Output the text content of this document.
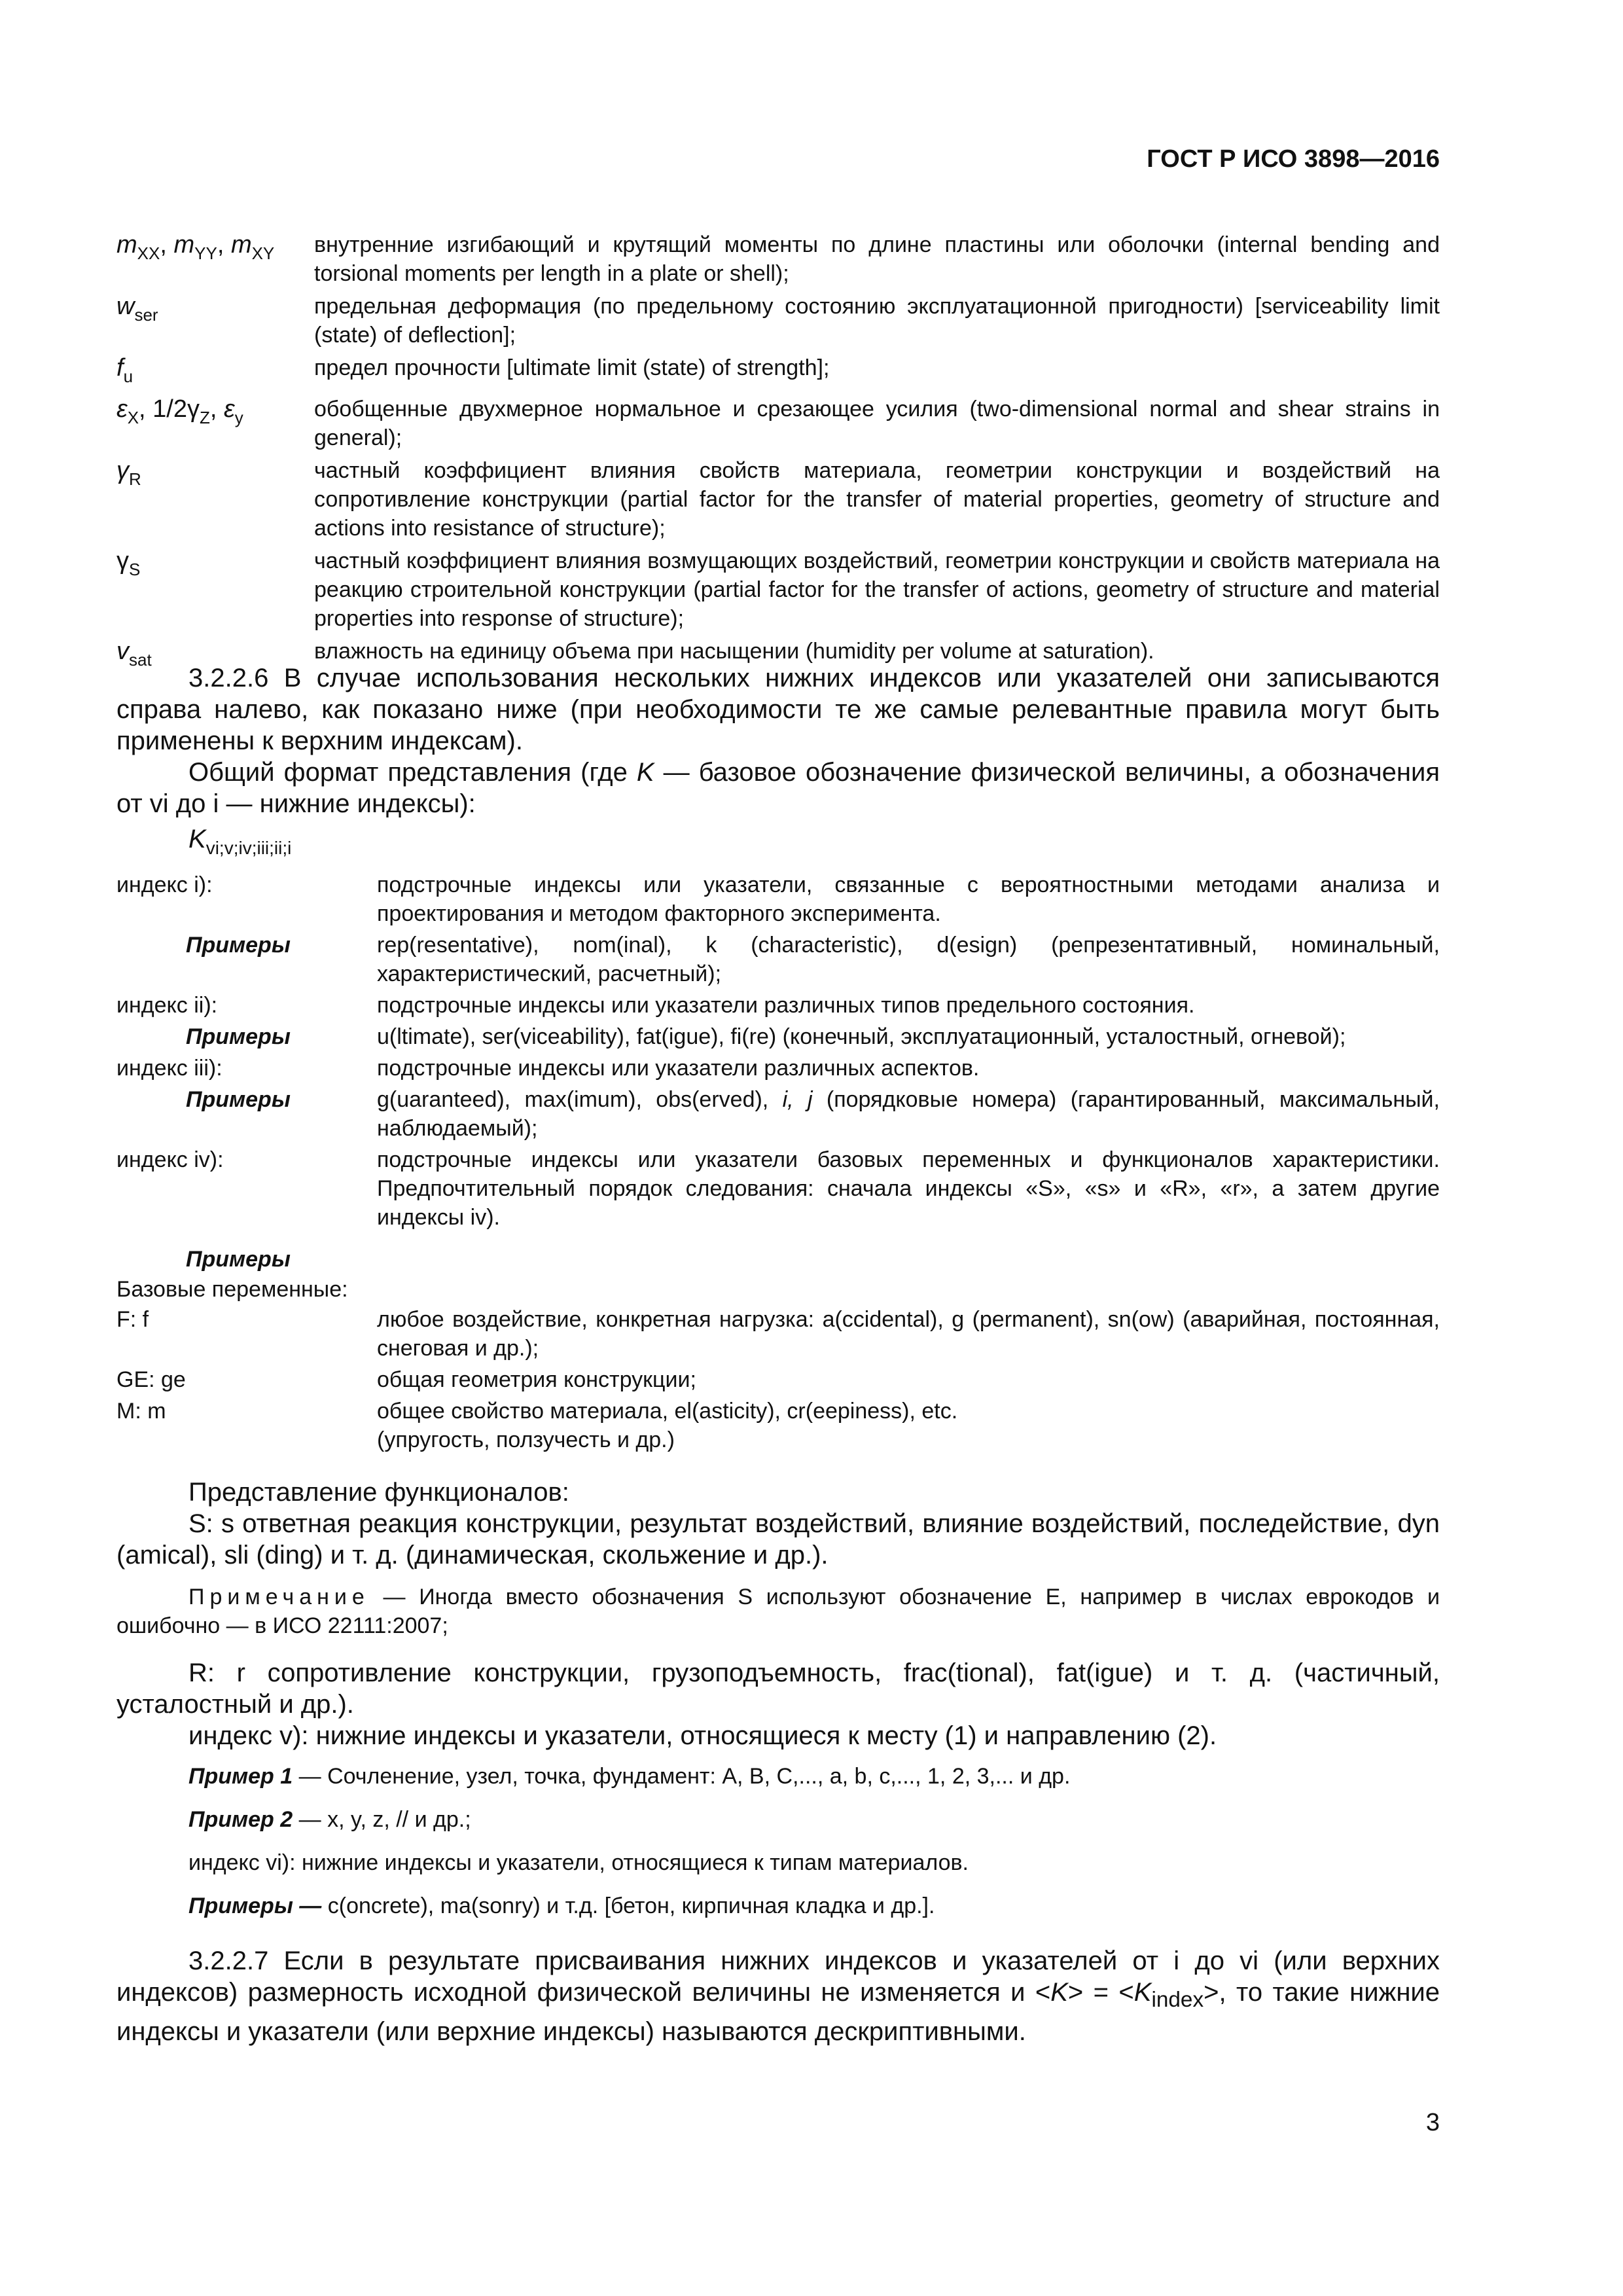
ГОСТ Р ИСО 3898—2016
$m_{XX}$, $m_{YY}$, $m_{XY}$	внутренние изгибающий и крутящий моменты по длине пластины или оболочки (internal bending and torsional moments per length in a plate or shell);
$w_{ser}$	предельная деформация (по предельному состоянию эксплуатационной пригодности) [serviceability limit (state) of deflection];
$f_u$	предел прочности [ultimate limit (state) of strength];
$\varepsilon_X$, $1/2\gamma_Z$, $\varepsilon_y$	обобщенные двухмерное нормальное и срезающее усилия (two-dimensional normal and shear strains in general);
$\gamma_R$	частный коэффициент влияния свойств материала, геометрии конструкции и воздействий на сопротивление конструкции (partial factor for the transfer of material properties, geometry of structure and actions into resistance of structure);
$\gamma_S$	частный коэффициент влияния возмущающих воздействий, геометрии конструкции и свойств материала на реакцию строительной конструкции (partial factor for the transfer of actions, geometry of structure and material properties into response of structure);
$v_{sat}$	влажность на единицу объема при насыщении (humidity per volume at saturation).

3.2.2.6 В случае использования нескольких нижних индексов или указателей они записываются справа налево, как показано ниже (при необходимости те же самые релевантные правила могут быть применены к верхним индексам).

Общий формат представления (где K — базовое обозначение физической величины, а обозначения от vi до i — нижние индексы):

$K_{vi;v;iv;iii;ii;i}$

индекс i):	подстрочные индексы или указатели, связанные с вероятностными методами анализа и проектирования и методом факторного эксперимента.
Примеры	rep(resentative), nom(inal), k (characteristic), d(esign) (репрезентативный, номинальный, характеристический, расчетный);
индекс ii):	подстрочные индексы или указатели различных типов предельного состояния.
Примеры	u(ltimate), ser(viceability), fat(igue), fi(re) (конечный, эксплуатационный, усталостный, огневой);
индекс iii):	подстрочные индексы или указатели различных аспектов.
Примеры	g(uaranteed), max(imum), obs(erved), i, j (порядковые номера) (гарантированный, максимальный, наблюдаемый);
индекс iv):	подстрочные индексы или указатели базовых переменных и функционалов характеристики. Предпочтительный порядок следования: сначала индексы «S», «s» и «R», «r», а затем другие индексы iv).
Примеры
Базовые переменные:
F: f	любое воздействие, конкретная нагрузка: a(ccidental), g (permanent), sn(ow) (аварийная, постоянная, снеговая и др.);
GE: ge	общая геометрия конструкции;
M: m	общее свойство материала, el(asticity), cr(eepiness), etc.
(упругость, ползучесть и др.)

Представление функционалов:

S: s ответная реакция конструкции, результат воздействий, влияние воздействий, последействие, dyn (amical), sli (ding) и т. д. (динамическая, скольжение и др.).

Примечание — Иногда вместо обозначения S используют обозначение E, например в числах еврокодов и ошибочно — в ИСО 22111:2007;

R: r сопротивление конструкции, грузоподъемность, frac(tional), fat(igue) и т. д. (частичный, усталостный и др.).

индекс v): нижние индексы и указатели, относящиеся к месту (1) и направлению (2).

Пример 1 — Сочленение, узел, точка, фундамент: A, B, C,..., a, b, c,..., 1, 2, 3,... и др.

Пример 2 — x, y, z, // и др.;

индекс vi): нижние индексы и указатели, относящиеся к типам материалов.

Примеры — c(oncrete), ma(sonry) и т.д. [бетон, кирпичная кладка и др.].

3.2.2.7 Если в результате присваивания нижних индексов и указателей от i до vi (или верхних индексов) размерность исходной физической величины не изменяется $и <K> = <K_{index}>$, то такие нижние индексы и указатели (или верхние индексы) называются дескриптивными.

3
